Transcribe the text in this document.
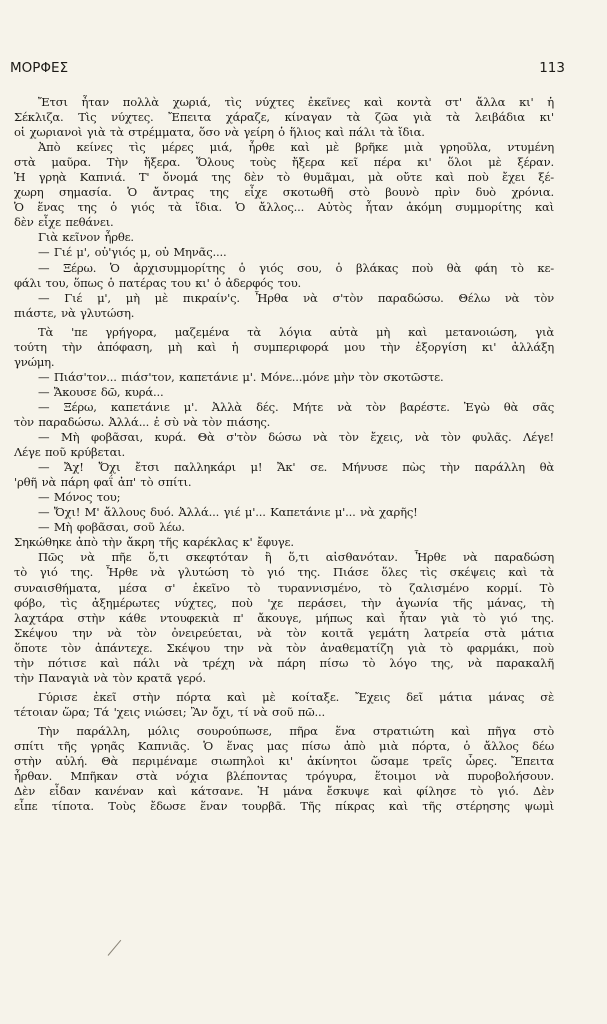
ΜΟΡΦΕΣ	113
Ἔτσι ἦταν πολλὰ χωριά, τὶς νύχτες ἐκεῖνες καὶ κοντὰ στ' ἄλλα κι' ἡ
Σέκλιζα. Τὶς νύχτες. Ἔπειτα χάραζε, κίναγαν τὰ ζῶα γιὰ τὰ λειβάδια κι'
οἱ χωριανοὶ γιὰ τὰ στρέμματα, ὅσο νὰ γείρη ὁ ἥλιος καὶ πάλι τὰ ἴδια.
Ἀπὸ κείνες τὶς μέρες μιά, ἦρθε καὶ μὲ βρῆκε μιὰ γρηοῦλα, ντυμένη
στὰ μαῦρα. Τὴν ἤξερα. Ὅλους τοὺς ἤξερα κεῖ πέρα κι' ὅλοι μὲ ξέραν.
Ἡ γρηὰ Καπνιά. Τ' ὄνομά της δὲν τὸ θυμᾶμαι, μὰ οὔτε καὶ ποὺ ἔχει ξέ-
χωρη σημασία. Ὁ ἄντρας της εἶχε σκοτωθῆ στὸ βουνὸ πρὶν δυὸ χρόνια.
Ὁ ἕνας της ὁ γιός τὰ ἴδια. Ὁ ἄλλος... Αὐτὸς ἦταν ἀκόμη συμμορίτης καὶ
δὲν εἶχε πεθάνει.
Γιὰ κεῖνον ἦρθε.
— Γιέ μ', οὐ'γιός μ, οὐ Μηνᾶς....
— Ξέρω. Ὁ ἀρχισυμμορίτης ὁ γιός σου, ὁ βλάκας ποὺ θὰ φάη τὸ κε-
φάλι του, ὅπως ὁ πατέρας του κι' ὁ ἀδερφός του.
— Γιέ μ', μὴ μὲ πικραίν'ς. Ἦρθα νὰ σ'τὸν παραδώσω. Θέλω νὰ τὸν
πιάστε, νὰ γλυτώση.
Τὰ 'πε γρήγορα, μαζεμένα τὰ λόγια αὐτὰ μὴ καὶ μετανοιώση, γιὰ
τούτη τὴν ἀπόφαση, μὴ καὶ ἡ συμπεριφορά μου τὴν ἐξοργίση κι' ἀλλάξη
γνώμη.
— Πιάσ'τον... πιάσ'τον, καπετάνιε μ'. Μόνε...μόνε μὴν τὸν σκοτῶστε.
— Ἄκουσε δῶ, κυρά...
— Ξέρω, καπετάνιε μ'. Ἀλλὰ δές. Μήτε νὰ τὸν βαρέστε. Ἐγὼ θὰ σᾶς
τὸν παραδώσω. Ἀλλά... ἐ σὺ νὰ τὸν πιάσης.
— Μὴ φοβᾶσαι, κυρά. Θὰ σ'τὸν δώσω νὰ τὸν ἔχεις, νὰ τὸν φυλᾶς. Λέγε!
Λέγε ποῦ κρύβεται.
— Ἄχ! Ὄχι ἔτσι παλληκάρι μ! Ἄκ' σε. Μήνυσε πὼς τὴν παράλλη θὰ
'ρθῆ νὰ πάρη φαΐ ἀπ' τὸ σπίτι.
— Μόνος του;
— Ὄχι! Μ' ἄλλους δυό. Ἀλλά... γιέ μ'... Καπετάνιε μ'... νὰ χαρῆς!
— Μὴ φοβᾶσαι, σοῦ λέω.
Σηκώθηκε ἀπὸ τὴν ἄκρη τῆς καρέκλας κ' ἔφυγε.
Πῶς νὰ πῆε ὅ,τι σκεφτόταν ἢ ὅ,τι αἰσθανόταν. Ἦρθε νὰ παραδώση
τὸ γιό της. Ἦρθε νὰ γλυτώση τὸ γιό της. Πιάσε ὅλες τὶς σκέψεις καὶ τὰ
συναισθήματα, μέσα σ' ἐκεῖνο τὸ τυραννισμένο, τὸ ζαλισμένο κορμί. Τὸ
φόβο, τὶς ἀξημέρωτες νύχτες, ποὺ 'χε περάσει, τὴν ἀγωνία τῆς μάνας, τὴ
λαχτάρα στὴν κάθε ντουφεκιὰ π' ἄκουγε, μήπως καὶ ἦταν γιὰ τὸ γιό της.
Σκέψου την νὰ τὸν ὀνειρεύεται, νὰ τὸν κοιτᾶ γεμάτη λατρεία στὰ μάτια
ὅποτε τὸν ἀπάντεχε. Σκέψου την νὰ τὸν ἀναθεματίζη γιὰ τὸ φαρμάκι, ποὺ
τὴν πότισε καὶ πάλι νὰ τρέχη νὰ πάρη πίσω τὸ λόγο της, νὰ παρακαλῆ
τὴν Παναγιὰ νὰ τὸν κρατᾶ γερό.
Γύρισε ἐκεῖ στὴν πόρτα καὶ μὲ κοίταξε. Ἔχεις δεῖ μάτια μάνας σὲ
τέτοιαν ὥρα; Τά 'χεις νιώσει; Ἂν ὄχι, τί νὰ σοῦ πῶ...
Τὴν παράλλη, μόλις σουρούπωσε, πῆρα ἕνα στρατιώτη καὶ πῆγα στὸ
σπίτι τῆς γρηᾶς Καπνιᾶς. Ὁ ἕνας μας πίσω ἀπὸ μιὰ πόρτα, ὁ ἄλλος δέω
στὴν αὐλή. Θὰ περιμέναμε σιωπηλοὶ κι' ἀκίνητοι ὥσαμε τρεῖς ὧρες. Ἔπειτα
ἦρθαν. Μπῆκαν στὰ νόχια βλέποντας τρόγυρα, ἕτοιμοι νὰ πυροβολήσουν.
Δὲν εἶδαν κανέναν καὶ κάτσανε. Ἡ μάνα ἔσκυψε καὶ φίλησε τὸ γιό. Δὲν
εἶπε τίποτα. Τοὺς ἔδωσε ἕναν τουρβᾶ. Τῆς πίκρας καὶ τῆς στέρησης ψωμὶ
